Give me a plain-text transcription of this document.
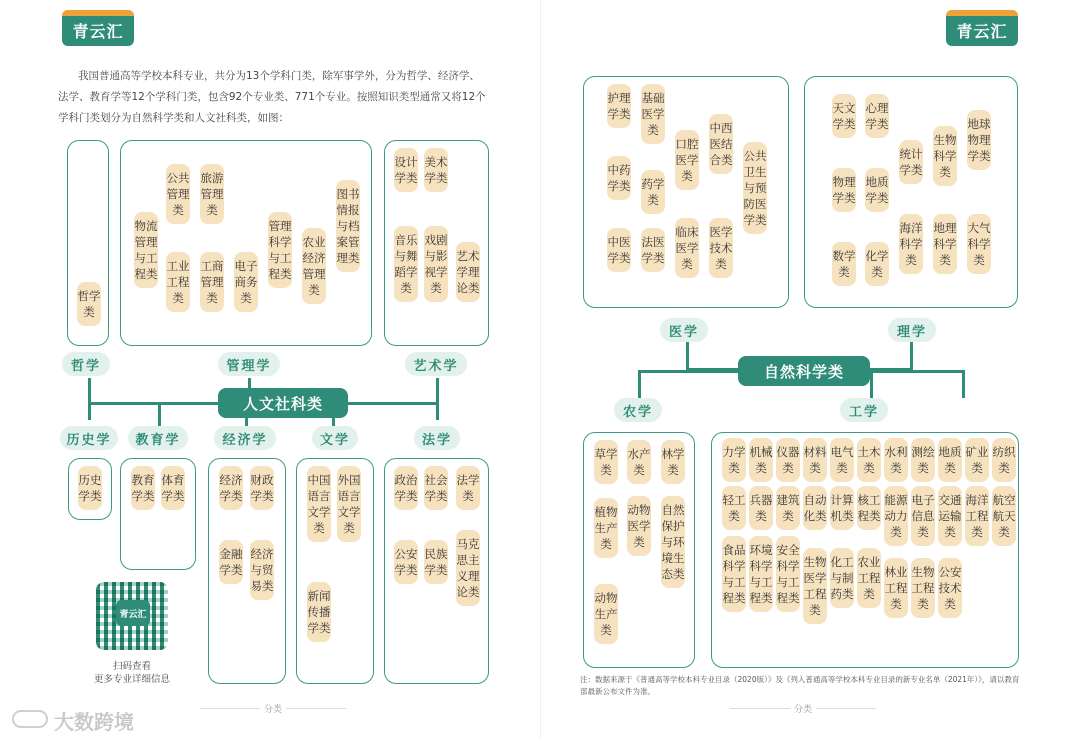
青云汇

我国普通高等学校本科专业，共分为13个学科门类，除军事学外，分为哲学、经济学、法学、教育学等12个学科门类，包含92个专业类、771个专业。按照知识类型通常又将12个学科门类划分为自然科学类和人文社科类，如图：

哲学类
物流管理与工程类
公共管理类
工业工程类
旅游管理类
工商管理类
电子商务类
管理科学与工程类
农业经济管理类
图书情报与档案管理类
设计学类
美术学类
音乐与舞蹈学类
戏剧与影视学类
艺术学理论类
哲学	管理学	艺术学
人文社科类
历史学	教育学	经济学	文学	法学
历史学类
教育学类
体育学类
经济学类
财政学类
金融学类
经济与贸易类
中国语言文学类
外国语言文学类
新闻传播学类
政治学类
社会学类
法学类
公安学类
民族学类
马克思主义理论类
青云汇
扫码查看
更多专业详细信息
分类
大数跨境
青云汇
护理学类
中药学类
中医学类
基础医学类
药学类
法医学类
口腔医学类
临床医学类
中西医结合类
医学技术类
公共卫生与预防医学类
天文学类
物理学类
数学类
心理学类
地质学类
化学类
统计学类
海洋科学类
生物科学类
地理科学类
地球物理学类
大气科学类
医学	理学
自然科学类
农学	工学
草学类
植物生产类
动物生产类
水产类
动物医学类
林学类
自然保护与环境生态类
力学类
机械类
仪器类
材料类
电气类
土木类
水利类
测绘类
地质类
矿业类
纺织类
轻工类
兵器类
建筑类
自动化类
计算机类
核工程类
能源动力类
电子信息类
交通运输类
海洋工程类
航空航天类
食品科学与工程类
环境科学与工程类
安全科学与工程类
生物医学工程类
化工与制药类
农业工程类
林业工程类
生物工程类
公安技术类
注：数据来源于《普通高等学校本科专业目录（2020版）》及《列入普通高等学校本科专业目录的新专业名单（2021年）》，请以教育部最新公布文件为准。
分类
